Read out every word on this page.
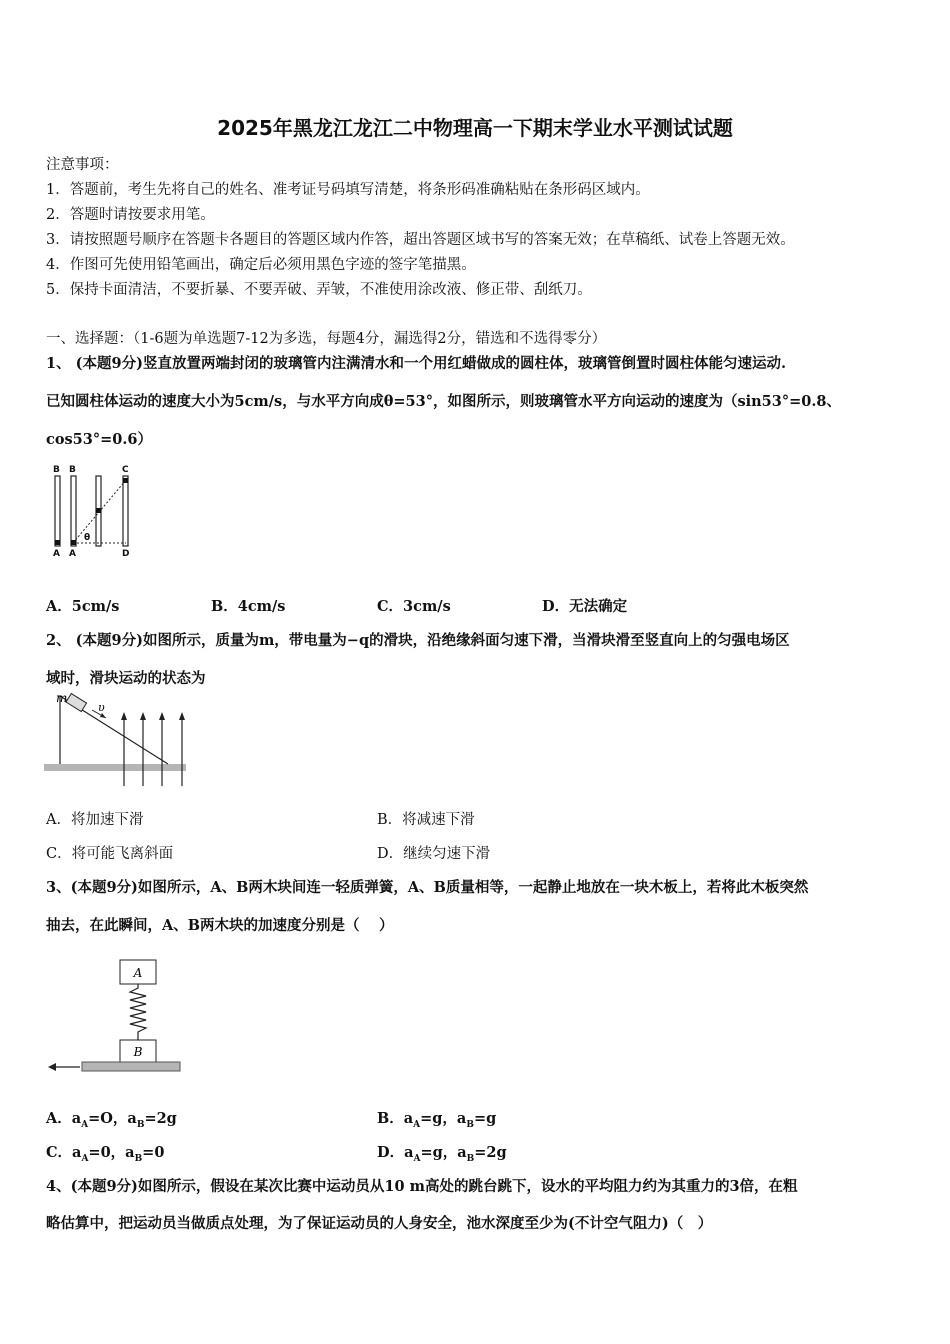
2025年黑龙江龙江二中物理高一下期末学业水平测试试题
注意事项：
1．答题前，考生先将自己的姓名、准考证号码填写清楚，将条形码准确粘贴在条形码区域内。
2．答题时请按要求用笔。
3．请按照题号顺序在答题卡各题目的答题区域内作答，超出答题区域书写的答案无效；在草稿纸、试卷上答题无效。
4．作图可先使用铅笔画出，确定后必须用黑色字迹的签字笔描黑。
5．保持卡面清洁，不要折暴、不要弄破、弄皱，不准使用涂改液、修正带、刮纸刀。
一、选择题：（1-6题为单选题7-12为多选，每题4分，漏选得2分，错选和不选得零分）
1、 (本题9分)竖直放置两端封闭的玻璃管内注满清水和一个用红蜡做成的圆柱体，玻璃管倒置时圆柱体能匀速运动.
已知圆柱体运动的速度大小为5cm/s，与水平方向成θ=53°，如图所示，则玻璃管水平方向运动的速度为（sin53°=0.8、
cos53°=0.6）
B B	C
A A	D
θ
A．5cm/s	B．4cm/s	C．3cm/s	D．无法确定
2、 (本题9分)如图所示，质量为m，带电量为−q的滑块，沿绝缘斜面匀速下滑，当滑块滑至竖直向上的匀强电场区
域时，滑块运动的状态为
m
υ
A．将加速下滑	B．将减速下滑
C．将可能飞离斜面	D．继续匀速下滑
3、(本题9分)如图所示，A、B两木块间连一轻质弹簧，A、B质量相等，一起静止地放在一块木板上，若将此木板突然
抽去，在此瞬间，A、B两木块的加速度分别是（　 ）
A
B
A．$a_A=O$，$a_B=2g$	B．$a_A=g$，$a_B=g$
C．$a_A=0$，$a_B=0$	D．$a_A=g$，$a_B=2g$
4、(本题9分)如图所示，假设在某次比赛中运动员从10 m高处的跳台跳下，设水的平均阻力约为其重力的3倍，在粗
略估算中，把运动员当做质点处理，为了保证运动员的人身安全，池水深度至少为(不计空气阻力)（　）
